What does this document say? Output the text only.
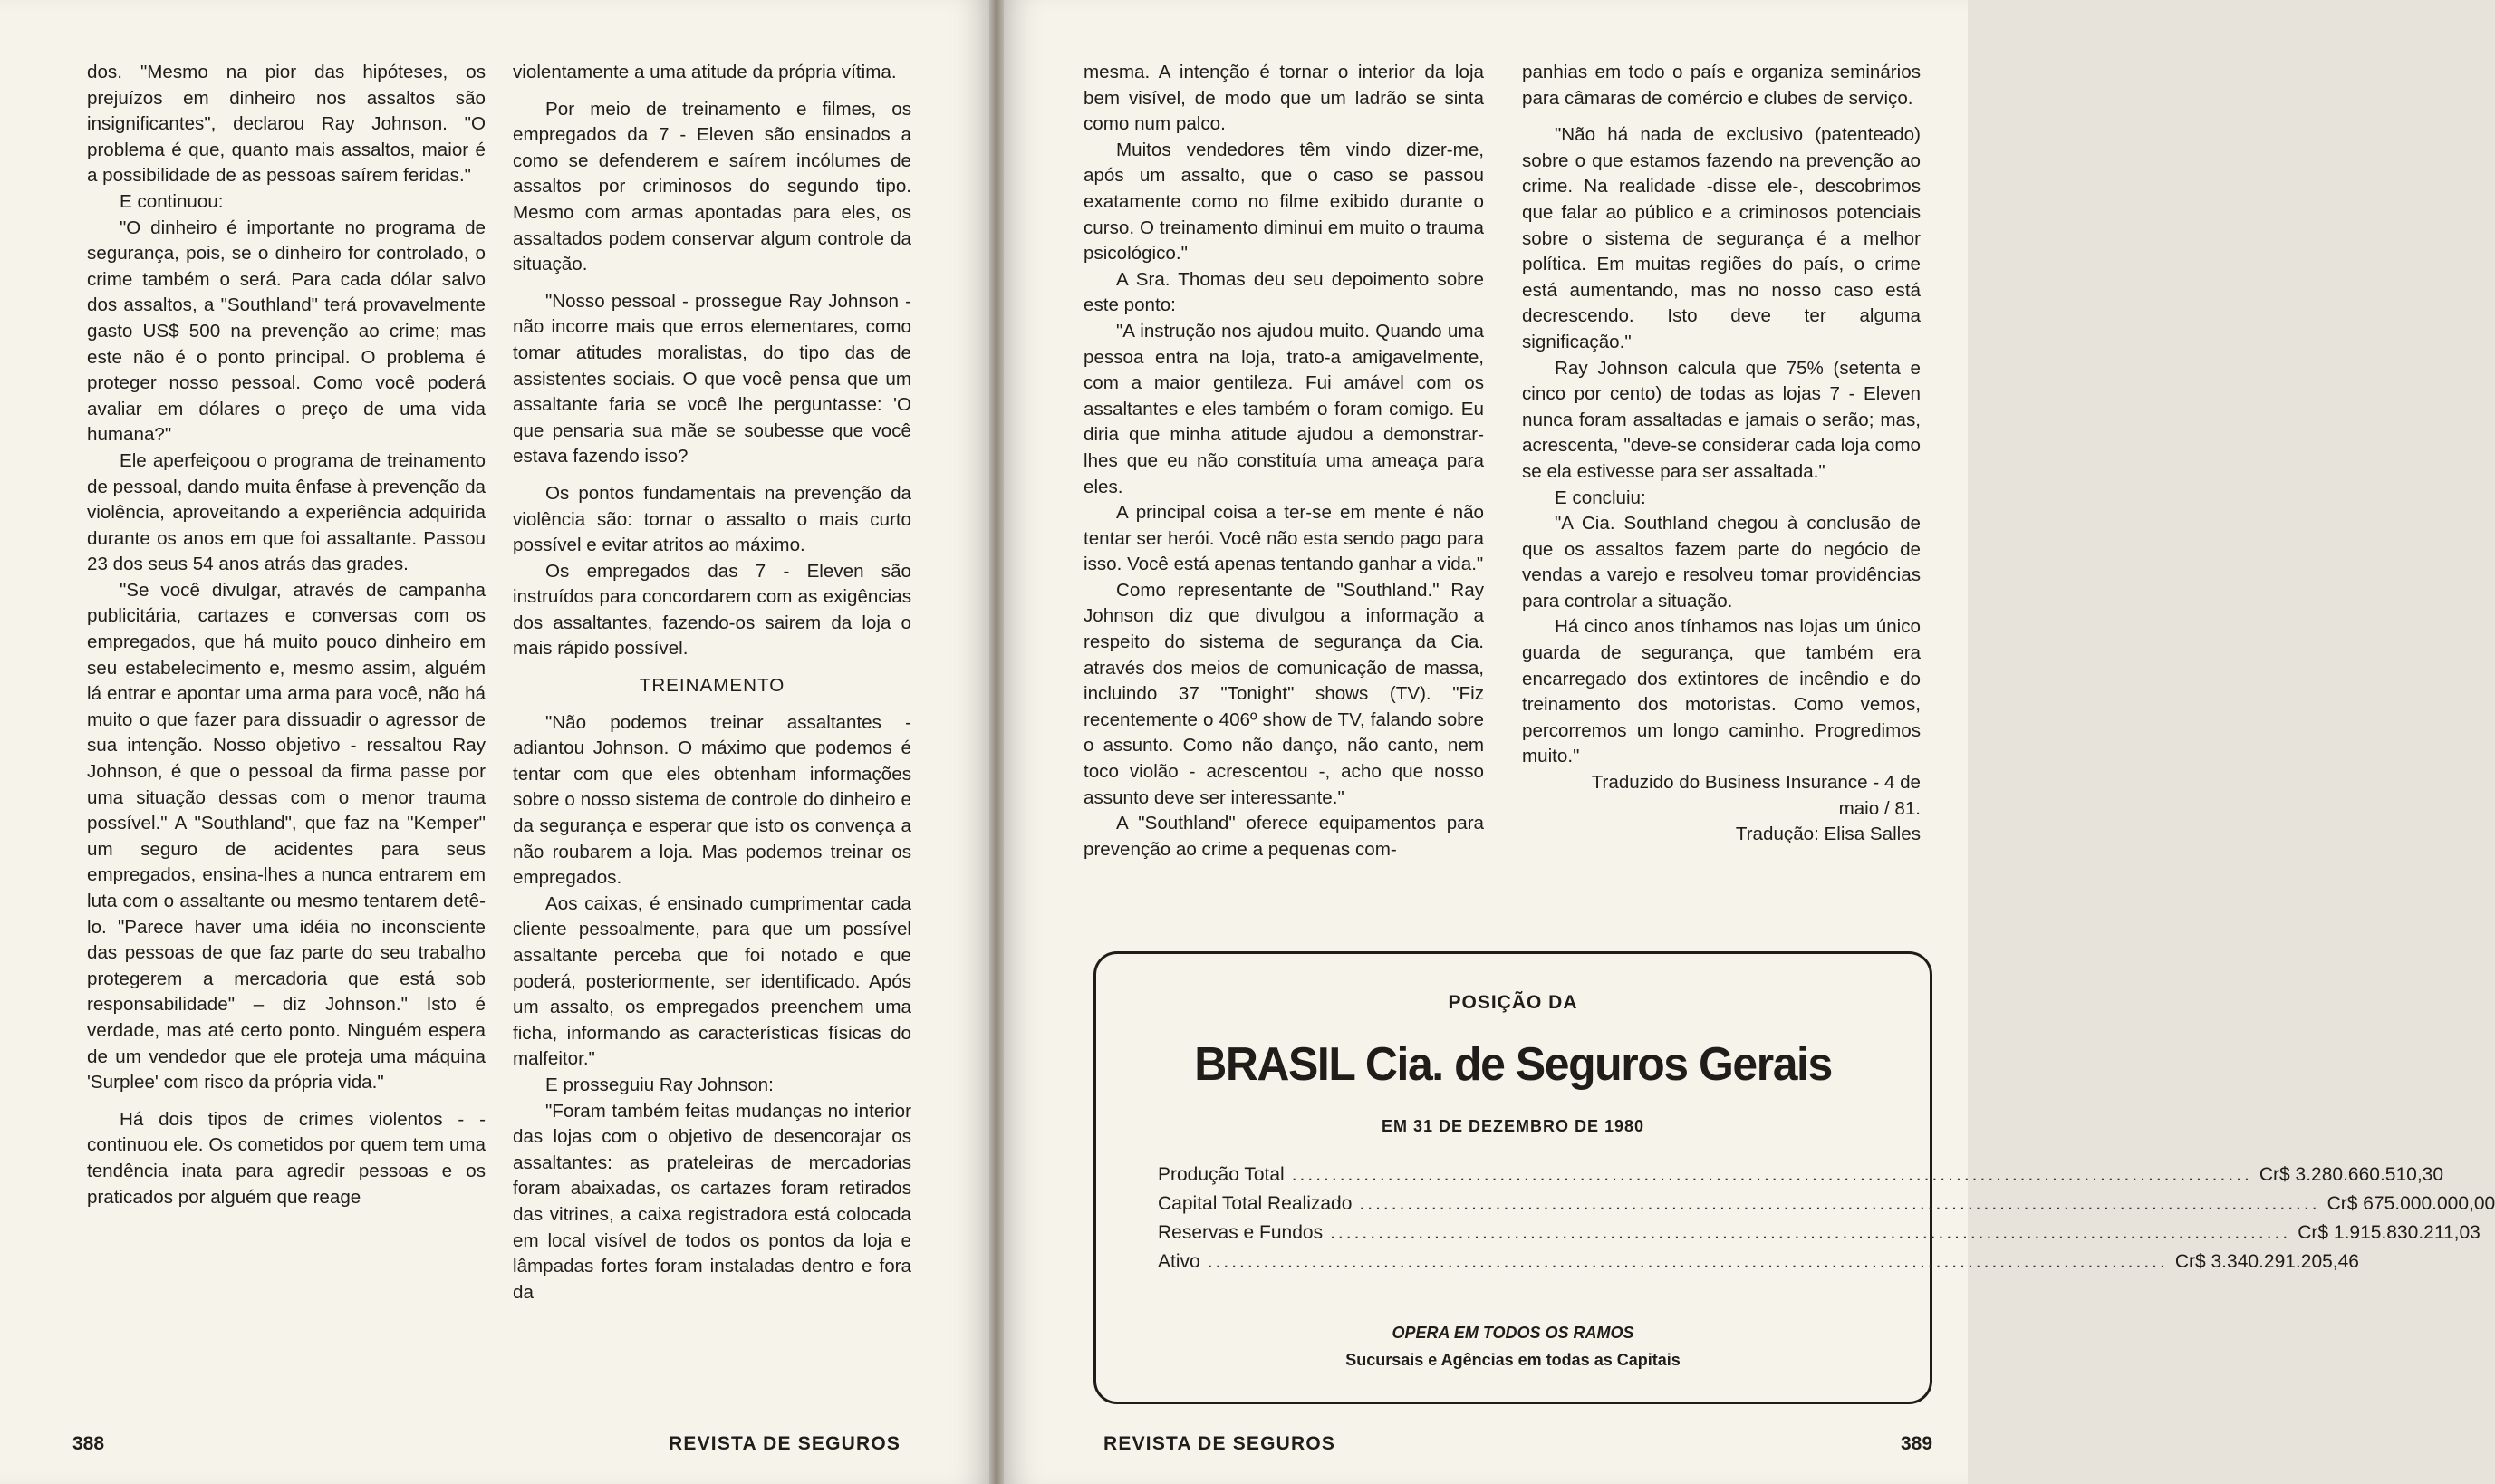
dos. "Mesmo na pior das hipóteses, os prejuízos em dinheiro nos assaltos são insignificantes", declarou Ray Johnson. "O problema é que, quanto mais assaltos, maior é a possibilidade de as pessoas saírem feridas."

E continuou:

"O dinheiro é importante no programa de segurança, pois, se o dinheiro for controlado, o crime também o será. Para cada dólar salvo dos assaltos, a "Southland" terá provavelmente gasto US$ 500 na prevenção ao crime; mas este não é o ponto principal. O problema é proteger nosso pessoal. Como você poderá avaliar em dólares o preço de uma vida humana?"

Ele aperfeiçoou o programa de treinamento de pessoal, dando muita ênfase à prevenção da violência, aproveitando a experiência adquirida durante os anos em que foi assaltante. Passou 23 dos seus 54 anos atrás das grades.

"Se você divulgar, através de campanha publicitária, cartazes e conversas com os empregados, que há muito pouco dinheiro em seu estabelecimento e, mesmo assim, alguém lá entrar e apontar uma arma para você, não há muito o que fazer para dissuadir o agressor de sua intenção. Nosso objetivo - ressaltou Ray Johnson, é que o pessoal da firma passe por uma situação dessas com o menor trauma possível." A "Southland", que faz na "Kemper" um seguro de acidentes para seus empregados, ensina-lhes a nunca entrarem em luta com o assaltante ou mesmo tentarem detê-lo. "Parece haver uma idéia no inconsciente das pessoas de que faz parte do seu trabalho protegerem a mercadoria que está sob responsabilidade" – diz Johnson." Isto é verdade, mas até certo ponto. Ninguém espera de um vendedor que ele proteja uma máquina 'Surplee' com risco da própria vida."

Há dois tipos de crimes violentos - - continuou ele. Os cometidos por quem tem uma tendência inata para agredir pessoas e os praticados por alguém que reage

violentamente a uma atitude da própria vítima.

Por meio de treinamento e filmes, os empregados da 7 - Eleven são ensinados a como se defenderem e saírem incólumes de assaltos por criminosos do segundo tipo. Mesmo com armas apontadas para eles, os assaltados podem conservar algum controle da situação.

"Nosso pessoal - prossegue Ray Johnson - não incorre mais que erros elementares, como tomar atitudes moralistas, do tipo das de assistentes sociais. O que você pensa que um assaltante faria se você lhe perguntasse: 'O que pensaria sua mãe se soubesse que você estava fazendo isso?

Os pontos fundamentais na prevenção da violência são: tornar o assalto o mais curto possível e evitar atritos ao máximo.

Os empregados das 7 - Eleven são instruídos para concordarem com as exigências dos assaltantes, fazendo-os sairem da loja o mais rápido possível.

TREINAMENTO

"Não podemos treinar assaltantes - adiantou Johnson. O máximo que podemos é tentar com que eles obtenham informações sobre o nosso sistema de controle do dinheiro e da segurança e esperar que isto os convença a não roubarem a loja. Mas podemos treinar os empregados.

Aos caixas, é ensinado cumprimentar cada cliente pessoalmente, para que um possível assaltante perceba que foi notado e que poderá, posteriormente, ser identificado. Após um assalto, os empregados preenchem uma ficha, informando as características físicas do malfeitor."

E prosseguiu Ray Johnson:

"Foram também feitas mudanças no interior das lojas com o objetivo de desencorajar os assaltantes: as prateleiras de mercadorias foram abaixadas, os cartazes foram retirados das vitrines, a caixa registradora está colocada em local visível de todos os pontos da loja e lâmpadas fortes foram instaladas dentro e fora da

388	REVISTA DE SEGUROS

mesma. A intenção é tornar o interior da loja bem visível, de modo que um ladrão se sinta como num palco.

Muitos vendedores têm vindo dizer-me, após um assalto, que o caso se passou exatamente como no filme exibido durante o curso. O treinamento diminui em muito o trauma psicológico."

A Sra. Thomas deu seu depoimento sobre este ponto:

"A instrução nos ajudou muito. Quando uma pessoa entra na loja, trato-a amigavelmente, com a maior gentileza. Fui amável com os assaltantes e eles também o foram comigo. Eu diria que minha atitude ajudou a demonstrar-lhes que eu não constituía uma ameaça para eles.

A principal coisa a ter-se em mente é não tentar ser herói. Você não esta sendo pago para isso. Você está apenas tentando ganhar a vida."

Como representante de "Southland." Ray Johnson diz que divulgou a informação a respeito do sistema de segurança da Cia. através dos meios de comunicação de massa, incluindo 37 "Tonight" shows (TV). "Fiz recentemente o 406º show de TV, falando sobre o assunto. Como não danço, não canto, nem toco violão - acrescentou -, acho que nosso assunto deve ser interessante."

A "Southland" oferece equipamentos para prevenção ao crime a pequenas com-

panhias em todo o país e organiza seminários para câmaras de comércio e clubes de serviço.

"Não há nada de exclusivo (patenteado) sobre o que estamos fazendo na prevenção ao crime. Na realidade -disse ele-, descobrimos que falar ao público e a criminosos potenciais sobre o sistema de segurança é a melhor política. Em muitas regiões do país, o crime está aumentando, mas no nosso caso está decrescendo. Isto deve ter alguma significação."

Ray Johnson calcula que 75% (setenta e cinco por cento) de todas as lojas 7 - Eleven nunca foram assaltadas e jamais o serão; mas, acrescenta, "deve-se considerar cada loja como se ela estivesse para ser assaltada."

E concluiu:

"A Cia. Southland chegou à conclusão de que os assaltos fazem parte do negócio de vendas a varejo e resolveu tomar providências para controlar a situação.

Há cinco anos tínhamos nas lojas um único guarda de segurança, que também era encarregado dos extintores de incêndio e do treinamento dos motoristas. Como vemos, percorremos um longo caminho. Progredimos muito."

Traduzido do Business Insurance - 4 de maio / 81.

Tradução: Elisa Salles

REVISTA DE SEGUROS	389
POSIÇÃO DA
BRASIL Cia. de Seguros Gerais
EM 31 DE DEZEMBRO DE 1980
Produção Total ........................................................................................................................ Cr$ 3.280.660.510,30
Capital Total Realizado ........................................................................................................................ Cr$ 675.000.000,00
Reservas e Fundos ........................................................................................................................ Cr$ 1.915.830.211,03
Ativo ........................................................................................................................ Cr$ 3.340.291.205,46
OPERA EM TODOS OS RAMOS
Sucursais e Agências em todas as Capitais
